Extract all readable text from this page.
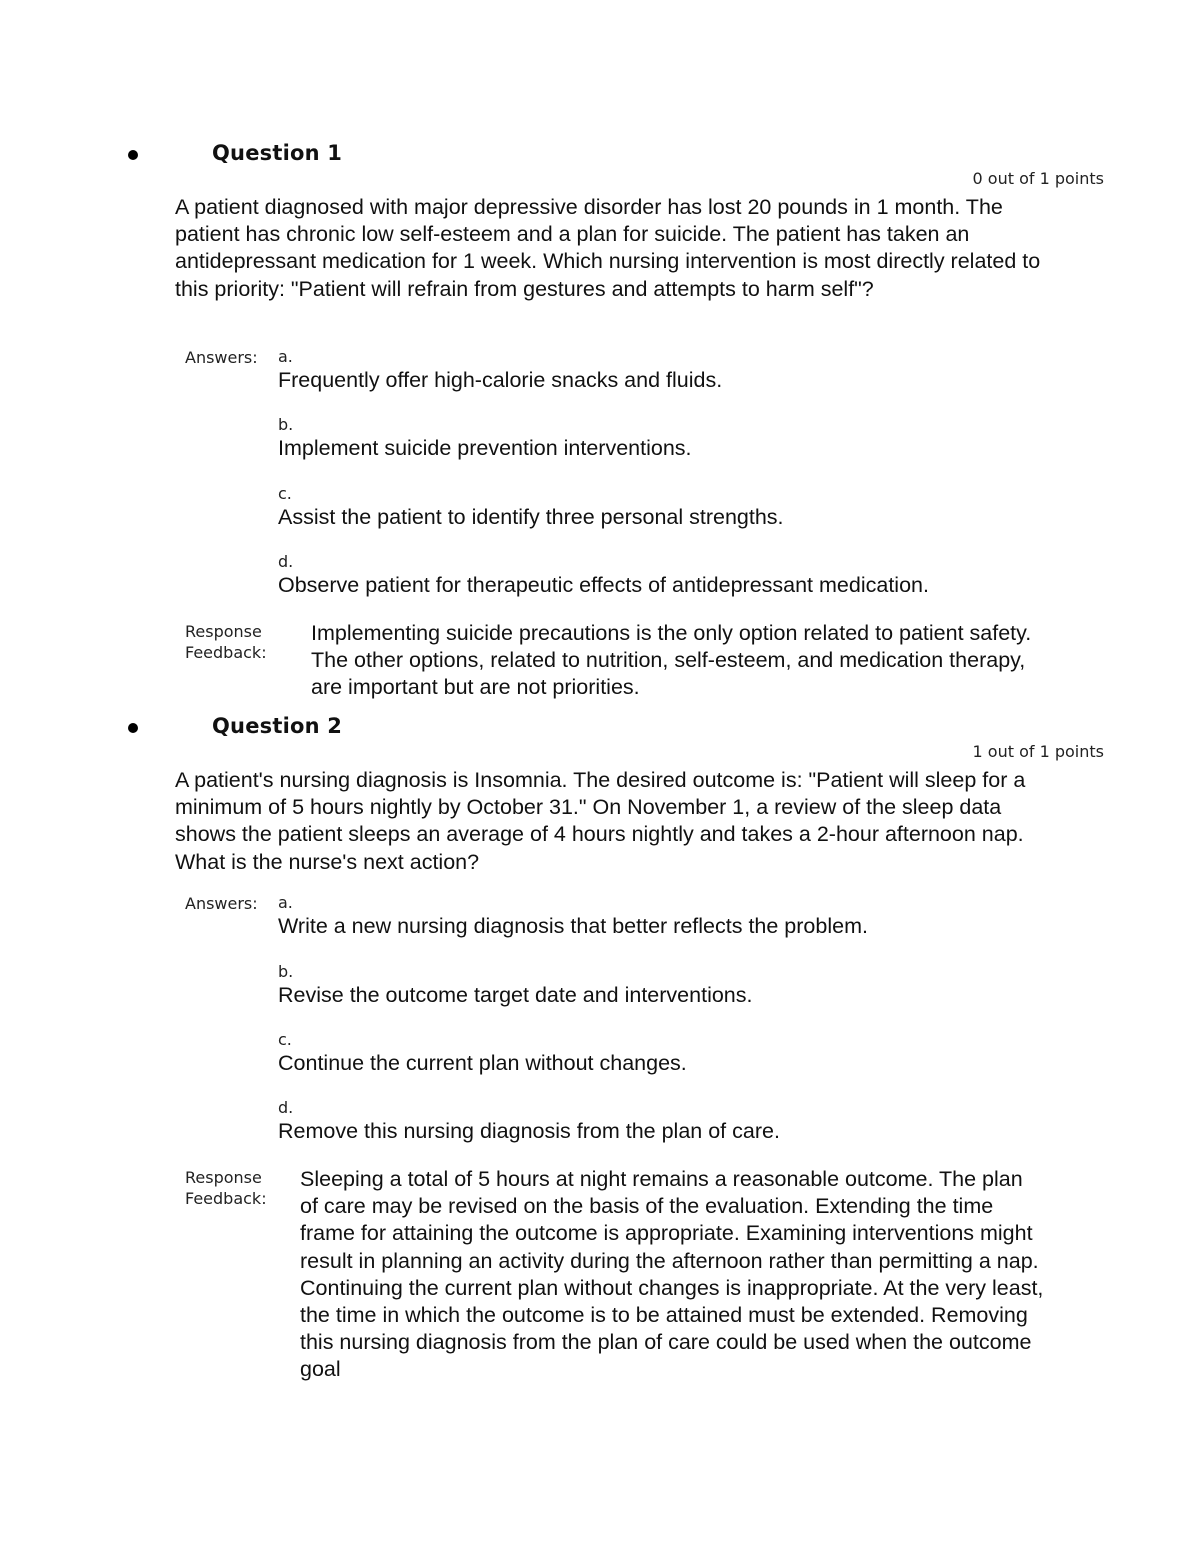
Question 1
0 out of 1 points
A patient diagnosed with major depressive disorder has lost 20 pounds in 1 month. The patient has chronic low self-esteem and a plan for suicide. The patient has taken an antidepressant medication for 1 week. Which nursing intervention is most directly related to this priority: "Patient will refrain from gestures and attempts to harm self"?
Answers:	a.
Frequently offer high-calorie snacks and fluids.
b.
Implement suicide prevention interventions.
c.
Assist the patient to identify three personal strengths.
d.
Observe patient for therapeutic effects of antidepressant medication.
Response Feedback:
Implementing suicide precautions is the only option related to patient safety. The other options, related to nutrition, self-esteem, and medication therapy, are important but are not priorities.
Question 2
1 out of 1 points
A patient's nursing diagnosis is Insomnia. The desired outcome is: "Patient will sleep for a minimum of 5 hours nightly by October 31." On November 1, a review of the sleep data shows the patient sleeps an average of 4 hours nightly and takes a 2-hour afternoon nap. What is the nurse's next action?
Answers:	a.
Write a new nursing diagnosis that better reflects the problem.
b.
Revise the outcome target date and interventions.
c.
Continue the current plan without changes.
d.
Remove this nursing diagnosis from the plan of care.
Response Feedback:
Sleeping a total of 5 hours at night remains a reasonable outcome. The plan of care may be revised on the basis of the evaluation. Extending the time frame for attaining the outcome is appropriate. Examining interventions might result in planning an activity during the afternoon rather than permitting a nap. Continuing the current plan without changes is inappropriate. At the very least, the time in which the outcome is to be attained must be extended. Removing this nursing diagnosis from the plan of care could be used when the outcome goal
